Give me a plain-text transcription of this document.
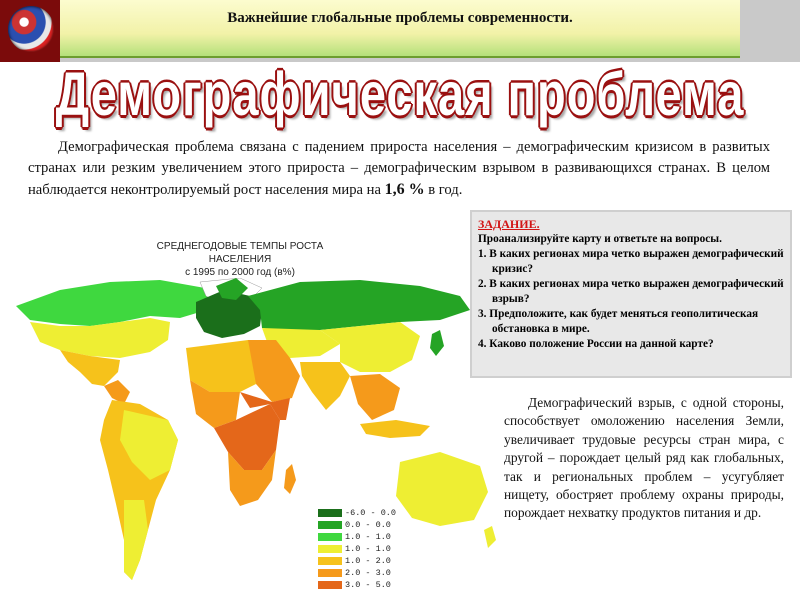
Важнейшие глобальные проблемы современности.
Демографическая проблема
Демографическая проблема связана с падением прироста населения – демографическим кризисом в развитых странах или резким увеличением этого прироста – демографическим взрывом в развивающихся странах. В целом наблюдается неконтролируемый рост населения мира на 1,6 % в год.
СРЕДНЕГОДОВЫЕ ТЕМПЫ РОСТА
НАСЕЛЕНИЯ
с 1995 по 2000 год (в%)
-6.0 - 0.0
0.0 - 0.0
1.0 - 1.0
1.0 - 1.0
1.0 - 2.0
2.0 - 3.0
3.0 - 5.0
ЗАДАНИЕ.
Проанализируйте карту и ответьте на вопросы.
1. В каких регионах мира четко выражен демографический кризис?
2. В каких регионах мира четко выражен демографический взрыв?
3. Предположите, как будет меняться геополитическая обстановка в мире.
4. Каково положение России на данной карте?
Демографический взрыв, с одной стороны, способствует омоложению населения Земли, увеличивает трудовые ресурсы стран мира, с другой – порождает целый ряд как глобальных, так и региональных проблем – усугубляет нищету, обостряет проблему охраны природы, порождает нехватку продуктов питания и др.
